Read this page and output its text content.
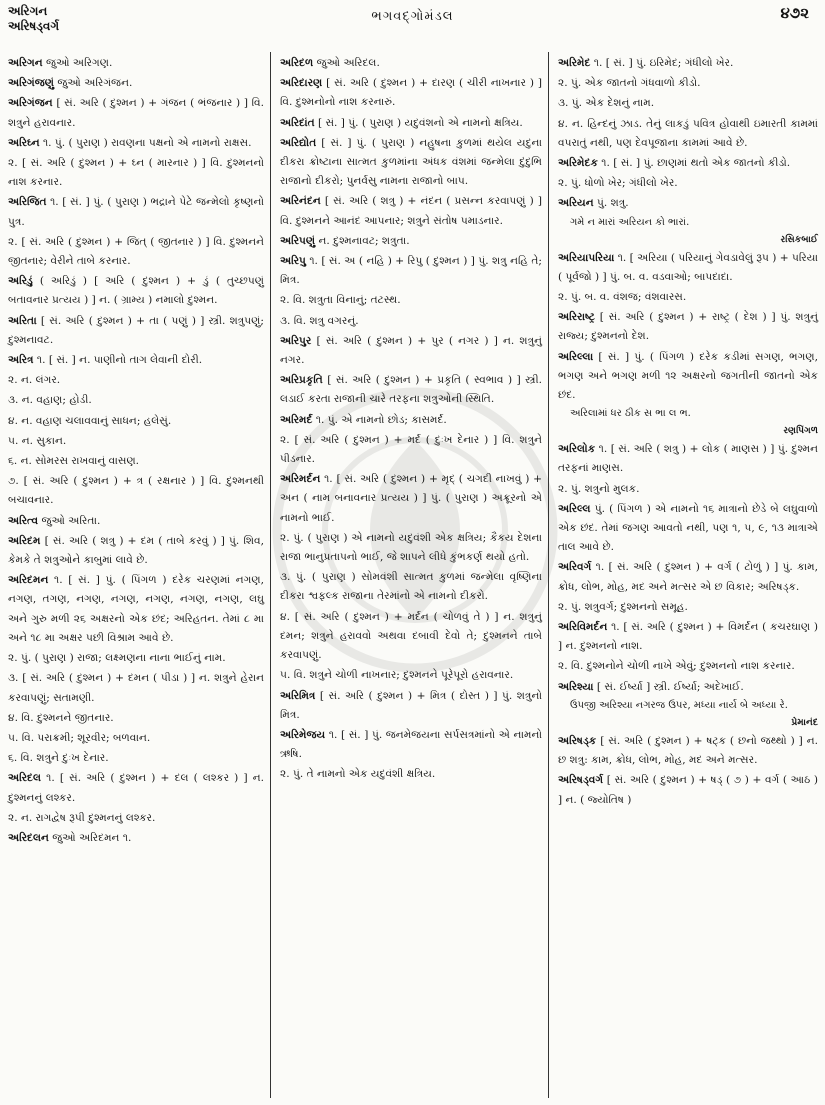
અરિગન
અરિષડ્વર્ગ
ભગવદ્ગોમંડલ	૪૭૨

અરિગન જુઓ અરિગણ.

અરિગંજણું જુઓ અરિગંજન.

અરિગંજન [ સં. અરિ ( દુશ્મન ) + ગંજન ( ભંજનાર ) ] વિ. શત્રુને હરાવનાર.

અરિઘ્ન ૧. પું. ( પુરાણ ) રાવણના પક્ષનો એ નામનો રાક્ષસ.

૨. [ સં. અરિ ( દુશ્મન ) + ઘ્ન ( મારનાર ) ] વિ. દુશ્મનનો નાશ કરનાર.

અરિજિત ૧. [ સં. ] પું. ( પુરાણ ) ભદ્રાને પેટે જન્મેલો કૃષ્ણનો પુત્ર.

૨. [ સં. અરિ ( દુશ્મન ) + જિત્ ( જીતનાર ) ] વિ. દુશ્મનને જીતનાર; વેરીને તાબે કરનાર.

અરિડું ( અરિડું ) [ અરિ ( દુશ્મન ) + ડું ( તુચ્છપણું બતાવનાર પ્રત્યય ) ] ન. ( ગ્રામ્ય ) નમાલો દુશ્મન.

અરિતા [ સં. અરિ ( દુશ્મન ) + તા ( પણું ) ] સ્ત્રી. શત્રુપણું; દુશ્મનાવટ.

અરિત્ર ૧. [ સં. ] ન. પાણીનો તાગ લેવાની દોરી.

૨. ન. લંગર.

૩. ન. વહાણ; હોડી.

૪. ન. વહાણ ચલાવવાનું સાધન; હલેસું.

૫. ન. સુકાન.

૬. ન. સોમરસ રાખવાનું વાસણ.

૭. [ સં. અરિ ( દુશ્મન ) + ત્ર ( રક્ષનાર ) ] વિ. દુશ્મનથી બચાવનાર.

અરિત્વ જુઓ અરિતા.

અરિદમ [ સં. અરિ ( શત્રુ ) + દમ ( તાબે કરવું ) ] પું. શિવ, કેમકે તે શત્રુઓને કાબુમાં લાવે છે.

અરિદમન ૧. [ સં. ] પું. ( પિંગળ ) દરેક ચરણમાં નગણ, નગણ, તગણ, નગણ, નગણ, નગણ, નગણ, નગણ, લઘુ અને ગુરુ મળી ૨૬ અક્ષરનો એક છંદ; અરિહતન. તેમાં ૮ મા અને ૧૮ મા અક્ષર પછી વિશ્રામ આવે છે.

૨. પું. ( પુરાણ ) રાજા; લક્ષ્મણના નાના ભાઈનું નામ.

૩. [ સં. અરિ ( દુશ્મન ) + દમન ( પીડા ) ] ન. શત્રુને હેરાન કરવાપણું; સતામણી.

૪. વિ. દુશ્મનને જીતનાર.

૫. વિ. પરાક્રમી; શૂરવીર; બળવાન.

૬. વિ. શત્રુને દુઃખ દેનાર.

અરિદલ ૧. [ સં. અરિ ( દુશ્મન ) + દલ ( લશ્કર ) ] ન. દુશ્મનનું લશ્કર.

૨. ન. રાગદ્વેષ રૂપી દુશ્મનનું લશ્કર.

અરિદલન જુઓ અરિદમન ૧.

અરિદળ જુઓ અરિદલ.

અરિદારણ [ સં. અરિ ( દુશ્મન ) + દારણ ( ચીરી નાખનાર ) ] વિ. દુશ્મનોનો નાશ કરનારું.

અરિદાંત [ સં. ] પું. ( પુરાણ ) યદુવંશનો એ નામનો ક્ષત્રિય.

અરિદ્યોત [ સં. ] પું. ( પુરાણ ) નહુષના કુળમાં થયેલ યદુના દીકરા ક્રોષ્ટાના સાત્મત કુળમાંના અંધક વંશમાં જન્મેલા દુંદુભિ રાજાનો દીકરો; પુનર્વસુ નામના રાજાનો બાપ.

અરિનંદન [ સં. અરિ ( શત્રુ ) + નંદન ( પ્રસન્ન કરવાપણું ) ] વિ. દુશ્મનને આનંદ આપનાર; શત્રુને સંતોષ પમાડનાર.

અરિપણું ન. દુશ્મનાવટ; શત્રુતા.

અરિપુ ૧. [ સં. અ ( નહિ ) + રિપુ ( દુશ્મન ) ] પું. શત્રુ નહિ તે; મિત્ર.

૨. વિ. શત્રુતા વિનાનું; તટસ્થ.

૩. વિ. શત્રુ વગરનું.

અરિપુર [ સં. અરિ ( દુશ્મન ) + પુર ( નગર ) ] ન. શત્રુનું નગર.

અરિપ્રકૃતિ [ સં. અરિ ( દુશ્મન ) + પ્રકૃતિ ( સ્વભાવ ) ] સ્ત્રી. લડાઈ કરતા રાજાની ચારે તરફના શત્રુઓની સ્થિતિ.

અરિમર્દ ૧. પું. એ નામનો છોડ; કાસમર્દ.

૨. [ સં. અરિ ( દુશ્મન ) + મર્દ ( દુઃખ દેનાર ) ] વિ. શત્રુને પીડનાર.

અરિમર્દન ૧. [ સં. અરિ ( દુશ્મન ) + મૃદ્ ( ચગદી નાખવું ) + અન ( નામ બનાવનાર પ્રત્યય ) ] પું. ( પુરાણ ) અક્રૂરનો એ નામનો ભાઈ.

૨. પું. ( પુરાણ ) એ નામનો યદુવંશી એક ક્ષત્રિય; કૈકય દેશના રાજા ભાનુપ્રતાપનો ભાઈ, જે શાપને લીધે કુંભકર્ણ થયો હતો.

૩. પું. ( પુરાણ ) સોમવંશી સાત્મત કુળમાં જન્મેલા વૃષ્ણિના દીકરા શ્વફલ્ક રાજાના તેરમાંનો એ નામનો દીકરો.

૪. [ સં. અરિ ( દુશ્મન ) + મર્દન ( ચોળવું તે ) ] ન. શત્રુનું દમન; શત્રુને હરાવવો અથવા દબાવી દેવો તે; દુશ્મનને તાબે કરવાપણું.

૫. વિ. શત્રુને ચોળી નાખનાર; દુશ્મનને પૂરેપૂરો હરાવનાર.

અરિમિત્ર [ સં. અરિ ( દુશ્મન ) + મિત્ર ( દોસ્ત ) ] પું. શત્રુનો મિત્ર.

અરિમેજય ૧. [ સં. ] પું. જનમેજયના સર્પસત્રમાંનો એ નામનો ઋષિ.

૨. પું. તે નામનો એક યદુવંશી ક્ષત્રિય.

અરિમેદ ૧. [ સં. ] પું. ઇરિમેદ; ગંધીલો ખેર.

૨. પું. એક જાતનો ગંધવાળો કીડો.

૩. પું. એક દેશનું નામ.

૪. ન. હિન્દનું ઝાડ. તેનું લાકડું પવિત્ર હોવાથી ઇમારતી કામમાં વપરાતું નથી, પણ દેવપૂજાના કામમાં આવે છે.

અરિમેદક ૧. [ સં. ] પું. છાણમાં થતો એક જાતનો કીડો.

૨. પું. ધોળો ખેર; ગંધીલો ખેર.

અરિયન પું. શત્રુ.

ગમે ન મારાં અરિયન કો ભારાં.

રસિકબાઈ

અરિયાપરિયા ૧. [ અરિયા ( પરિયાનું ગેવડાવેલું રૂપ ) + પરિયા ( પૂર્વજો ) ] પું. બ. વ. વડવાઓ; બાપદાદા.

૨. પું. બ. વ. વંશજ; વંશવારસ.

અરિરાષ્ટ્ર [ સં. અરિ ( દુશ્મન ) + રાષ્ટ્ર ( દેશ ) ] પું. શત્રુનું રાજ્ય; દુશ્મનનો દેશ.

અરિલ્લા [ સં. ] પું. ( પિંગળ ) દરેક કડીમાં સગણ, ભગણ, ભગણ અને ભગણ મળી ૧૨ અક્ષરનો જગતીની જાતનો એક છંદ.

અરિલામાં ધર ઠીક સ ભા લ ભ.

રણપિંગળ

અરિલોક ૧. [ સં. અરિ ( શત્રુ ) + લોક ( માણસ ) ] પું. દુશ્મન તરફનાં માણસ.

૨. પું. શત્રુનો મુલક.

અરિલ્લ પું. ( પિંગળ ) એ નામનો ૧૬ માત્રાનો છેડે બે લઘુવાળો એક છંદ. તેમાં જગણ આવતો નથી, પણ ૧, ૫, ૯, ૧૩ માત્રાએ તાલ આવે છે.

અરિવર્ગ ૧. [ સં. અરિ ( દુશ્મન ) + વર્ગ ( ટોળું ) ] પું. કામ, ક્રોધ, લોભ, મોહ, મદ અને મત્સર એ છ વિકાર; અરિષડ્ક.

૨. પું. શત્રુવર્ગ; દુશ્મનનો સમૂહ.

અરિવિમર્દન ૧. [ સં. અરિ ( દુશ્મન ) + વિમર્દન ( કચરઘાણ ) ] ન. દુશ્મનનો નાશ.

૨. વિ. દુશ્મનોને ચોળી નાખે એવું; દુશ્મનનો નાશ કરનાર.

અરિશ્યા [ સં. ઈર્ષ્યા ] સ્ત્રી. ઈર્ષ્યા; અદેખાઈ.

ઉપજી અરિશ્યા નગરજ ઉપર, મધ્યા નાર્ય બે અધ્યા રે.

પ્રેમાનંદ

અરિષડ્ક [ સં. અરિ ( દુશ્મન ) + ષટ્ક ( છનો જથ્થો ) ] ન. છ શત્રુ: કામ, ક્રોધ, લોભ, મોહ, મદ અને મત્સર.

અરિષડ્વર્ગ [ સં. અરિ ( દુશ્મન ) + ષડ્ ( ૭ ) + વર્ગ ( આઠ ) ] ન. ( જ્યોતિષ )
